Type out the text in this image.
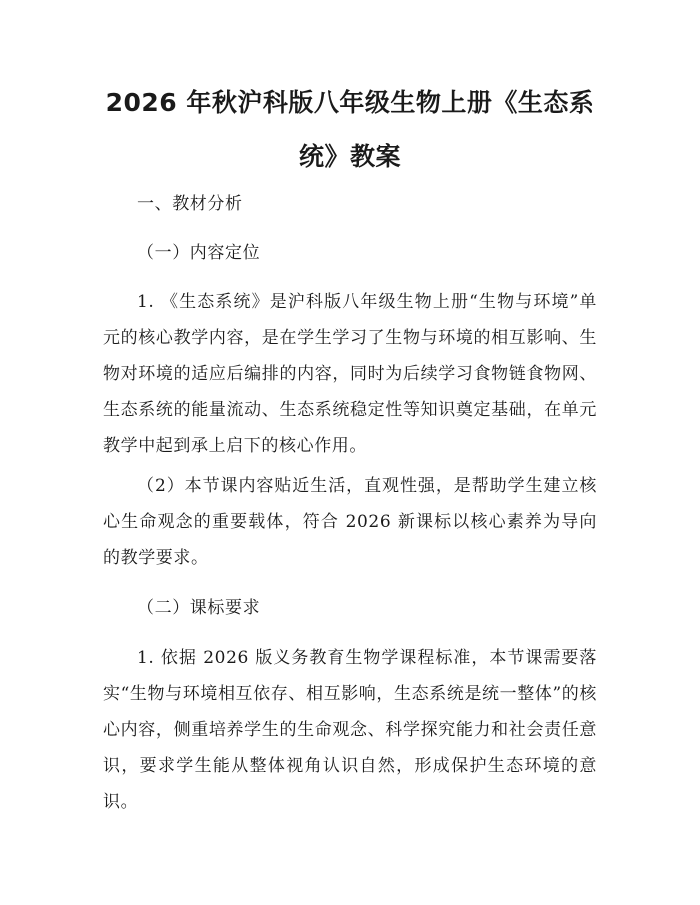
2026 年秋沪科版八年级生物上册《生态系
统》教案

一、教材分析

（一）内容定位

1. 《生态系统》是沪科版八年级生物上册“生物与环境”单元的核心教学内容，是在学生学习了生物与环境的相互影响、生物对环境的适应后编排的内容，同时为后续学习食物链食物网、生态系统的能量流动、生态系统稳定性等知识奠定基础，在单元教学中起到承上启下的核心作用。

（2）本节课内容贴近生活，直观性强，是帮助学生建立核心生命观念的重要载体，符合 2026 新课标以核心素养为导向的教学要求。

（二）课标要求

1. 依据 2026 版义务教育生物学课程标准，本节课需要落实“生物与环境相互依存、相互影响，生态系统是统一整体”的核心内容，侧重培养学生的生命观念、科学探究能力和社会责任意识，要求学生能从整体视角认识自然，形成保护生态环境的意识。
